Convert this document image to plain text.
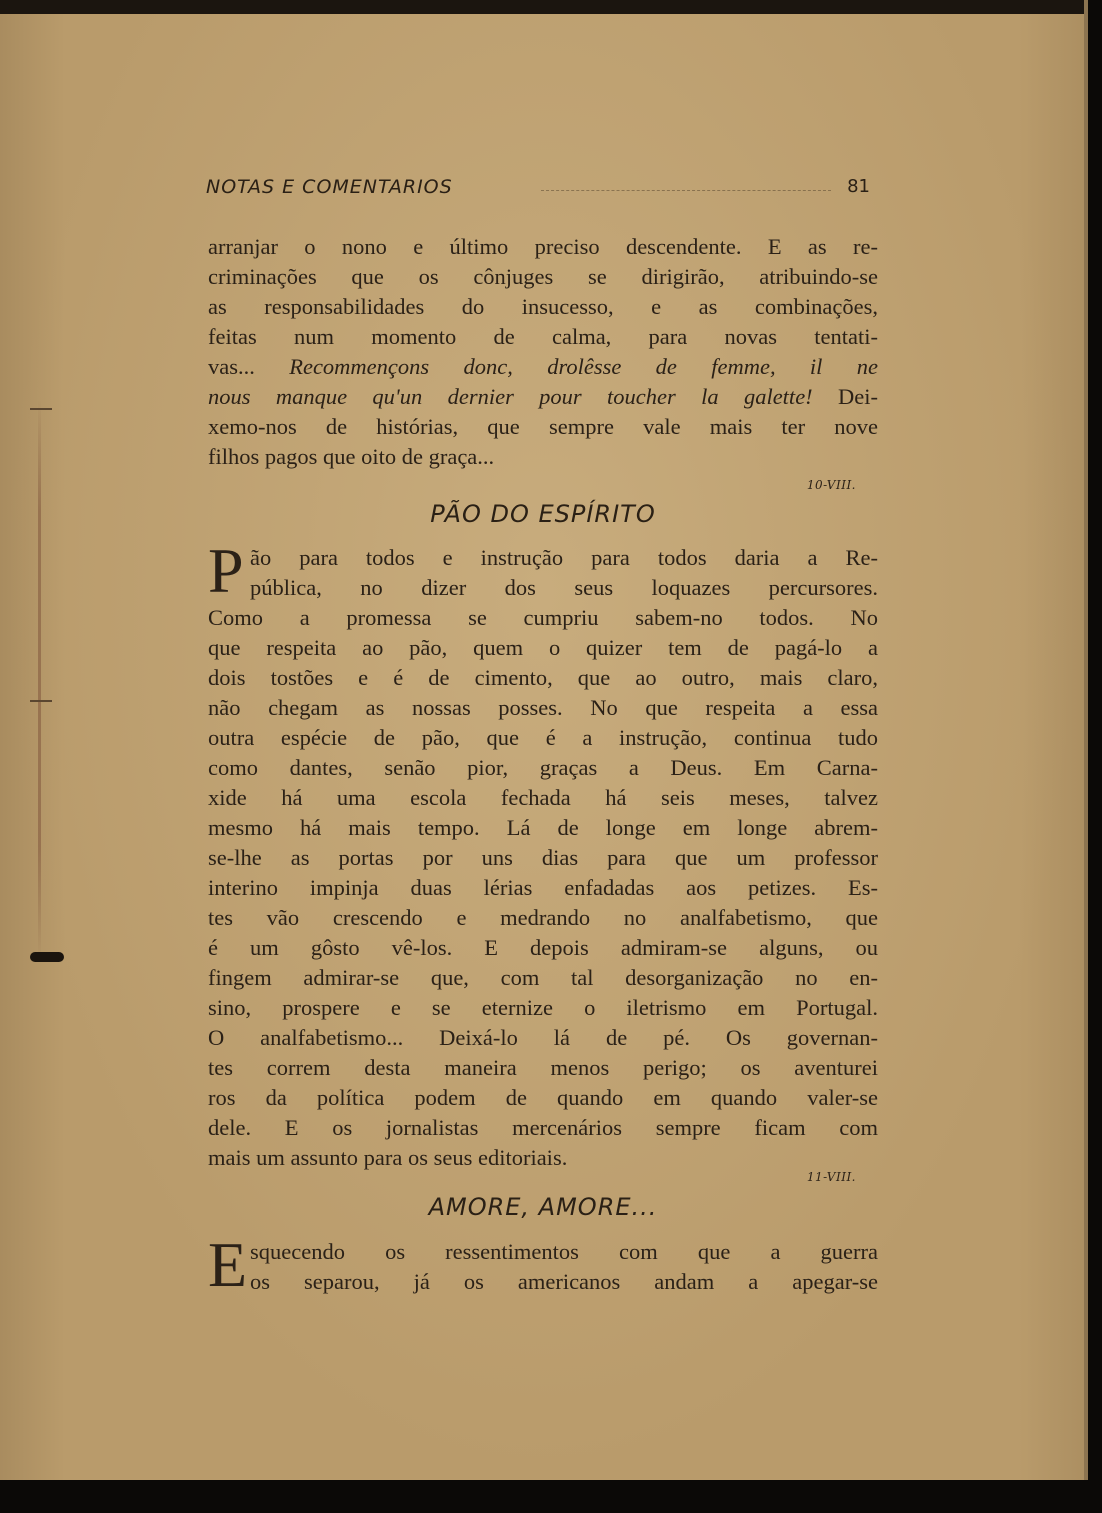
NOTAS E COMENTARIOS	81
arranjar o nono e último preciso descendente. E as re-
criminações que os cônjuges se dirigirão, atribuindo-se
as responsabilidades do insucesso, e as combinações,
feitas num momento de calma, para novas tentati-
vas... Recommençons donc, drolêsse de femme, il ne
nous manque qu'un dernier pour toucher la galette! Dei-
xemo-nos de histórias, que sempre vale mais ter nove
filhos pagos que oito de graça...
10-VIII.
PÃO DO ESPÍRITO
P ão para todos e instrução para todos daria a Re-
pública, no dizer dos seus loquazes percursores.
Como a promessa se cumpriu sabem-no todos. No
que respeita ao pão, quem o quizer tem de pagá-lo a
dois tostões e é de cimento, que ao outro, mais claro,
não chegam as nossas posses. No que respeita a essa
outra espécie de pão, que é a instrução, continua tudo
como dantes, senão pior, graças a Deus. Em Carna-
xide há uma escola fechada há seis meses, talvez
mesmo há mais tempo. Lá de longe em longe abrem-
se-lhe as portas por uns dias para que um professor
interino impinja duas lérias enfadadas aos petizes. Es-
tes vão crescendo e medrando no analfabetismo, que
é um gôsto vê-los. E depois admiram-se alguns, ou
fingem admirar-se que, com tal desorganização no en-
sino, prospere e se eternize o iletrismo em Portugal.
O analfabetismo... Deixá-lo lá de pé. Os governan-
tes correm desta maneira menos perigo; os aventurei
ros da política podem de quando em quando valer-se
dele. E os jornalistas mercenários sempre ficam com
mais um assunto para os seus editoriais.
11-VIII.
AMORE, AMORE...
E squecendo os ressentimentos com que a guerra
os separou, já os americanos andam a apegar-se
